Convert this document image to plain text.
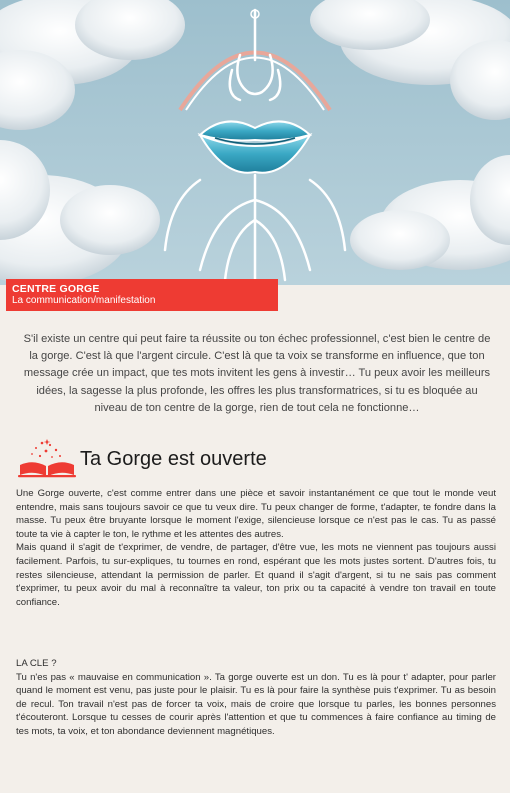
CENTRE GORGE
La communication/manifestation

S'il existe un centre qui peut faire ta réussite ou ton échec professionnel, c'est bien le centre de la gorge. C'est là que l'argent circule. C'est là que ta voix se transforme en influence, que ton message crée un impact, que tes mots invitent les gens à investir… Tu peux avoir les meilleurs idées, la sagesse la plus profonde, les offres les plus transformatrices, si tu es bloquée au niveau de ton centre de la gorge, rien de tout cela ne fonctionne…

Ta Gorge est ouverte

Une Gorge ouverte, c'est comme entrer dans une pièce et savoir instantanément ce que tout le monde veut entendre, mais sans toujours savoir ce que tu veux dire. Tu peux changer de forme, t'adapter, te fondre dans la masse. Tu peux être bruyante lorsque le moment l'exige, silencieuse lorsque ce n'est pas le cas. Tu as passé toute ta vie à capter le ton, le rythme et les attentes des autres.

Mais quand il s'agit de t'exprimer, de vendre, de partager, d'être vue, les mots ne viennent pas toujours aussi facilement. Parfois, tu sur-expliques, tu tournes en rond, espérant que les mots justes sortent. D'autres fois, tu restes silencieuse, attendant la permission de parler. Et quand il s'agit d'argent, si tu ne sais pas comment t'exprimer, tu peux avoir du mal à reconnaître ta valeur, ton prix ou ta capacité à vendre ton travail en toute confiance.

LA CLE ?

Tu n'es pas « mauvaise en communication ». Ta gorge ouverte est un don. Tu es là pour t' adapter, pour parler quand le moment est venu, pas juste pour le plaisir. Tu es là pour faire la synthèse puis t'exprimer. Tu as besoin de recul. Ton travail n'est pas de forcer ta voix, mais de croire que lorsque tu parles, les bonnes personnes t'écouteront. Lorsque tu cesses de courir après l'attention et que tu commences à faire confiance au timing de tes mots, ta voix, et ton abondance deviennent magnétiques.
